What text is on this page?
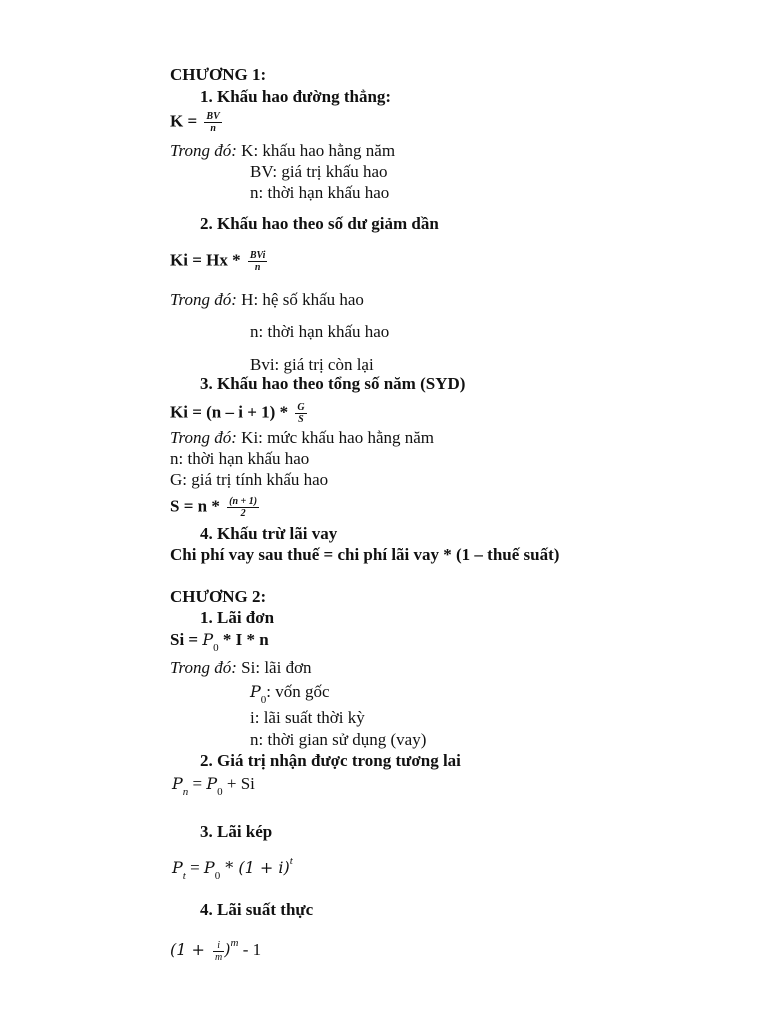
CHƯƠNG 1:
1. Khấu hao đường thẳng:
$K = \frac{BV}{n}$
Trong đó: K: khấu hao hằng năm
BV: giá trị khấu hao
n: thời hạn khấu hao
2. Khấu hao theo số dư giảm dần
$Ki = Hx * \frac{\text{BVi}}{n}$
Trong đó: H: hệ số khấu hao
n: thời hạn khấu hao
Bvi: giá trị còn lại
3. Khấu hao theo tổng số năm (SYD)
$Ki = (n - i + 1) * \frac{G}{S}$
Trong đó: Ki: mức khấu hao hằng năm
n: thời hạn khấu hao
G: giá trị tính khấu hao
$S = n * \frac{(n + 1)}{2}$
4. Khấu trừ lãi vay
Chi phí vay sau thuế = chi phí lãi vay * (1 – thuế suất)
CHƯƠNG 2:
1. Lãi đơn
$Si = P_0 * I * n$
Trong đó: Si: lãi đơn
$P_0$: vốn gốc
i: lãi suất thời kỳ
n: thời gian sử dụng (vay)
2. Giá trị nhận được trong tương lai
$P_n = P_0 + Si$
3. Lãi kép
$P_t = P_0 * (1 + i)^t$
4. Lãi suất thực
$(1 + \frac{i}{m} )^m - 1$
